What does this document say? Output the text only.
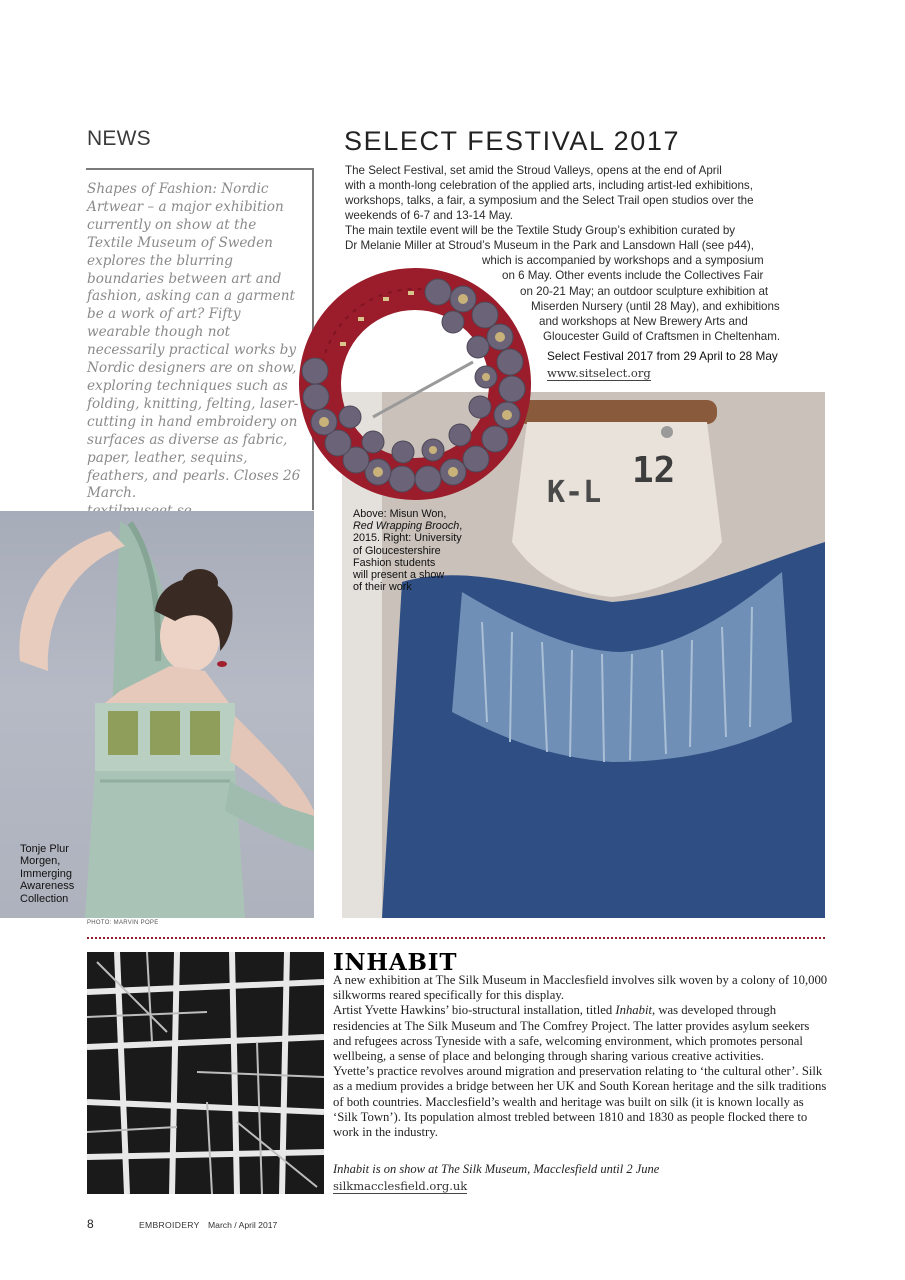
NEWS
Shapes of Fashion: Nordic Artwear – a major exhibition currently on show at the Textile Museum of Sweden explores the blurring boundaries between art and fashion, asking can a garment be a work of art? Fifty wearable though not necessarily practical works by Nordic designers are on show, exploring techniques such as folding, knitting, felting, laser-cutting in hand embroidery on surfaces as diverse as fabric, paper, leather, sequins, feathers, and pearls. Closes 26 March.

SELECT FESTIVAL 2017
The Select Festival, set amid the Stroud Valleys, opens at the end of April
with a month-long celebration of the applied arts, including artist-led exhibitions,
workshops, talks, a fair, a symposium and the Select Trail open studios over the
weekends of 6-7 and 13-14 May.
The main textile event will be the Textile Study Group’s exhibition curated by
Dr Melanie Miller at Stroud’s Museum in the Park and Lansdown Hall (see p44),
which is accompanied by workshops and a symposium
on 6 May. Other events include the Collectives Fair
on 20-21 May; an outdoor sculpture exhibition at
Miserden Nursery (until 28 May), and exhibitions
and workshops at New Brewery Arts and
Gloucester Guild of Craftsmen in Cheltenham.
Select Festival 2017 from 29 April to 28 May
www.sitselect.org
Tonje Plur
Morgen,
Immerging
Awareness
Collection
PHOTO: MARVIN POPE
12
K-L
Above: Misun Won,
Red Wrapping Brooch,
2015. Right: University
of Gloucestershire
Fashion students
will present a show
of their work
INHABIT

A new exhibition at The Silk Museum in Macclesfield involves silk woven by a colony of 10,000 silkworms reared specifically for this display.

Artist Yvette Hawkins’ bio-structural installation, titled Inhabit, was developed through residencies at The Silk Museum and The Comfrey Project. The latter provides asylum seekers and refugees across Tyneside with a safe, welcoming environment, which promotes personal wellbeing, a sense of place and belonging through sharing various creative activities.

Yvette’s practice revolves around migration and preservation relating to ‘the cultural other’. Silk as a medium provides a bridge between her UK and South Korean heritage and the silk traditions of both countries. Macclesfield’s wealth and heritage was built on silk (it is known locally as ‘Silk Town’). Its population almost trebled between 1810 and 1830 as people flocked there to work in the industry.

Inhabit is on show at The Silk Museum, Macclesfield until 2 June
silkmacclesfield.org.uk
8	EMBROIDERY March / April 2017
